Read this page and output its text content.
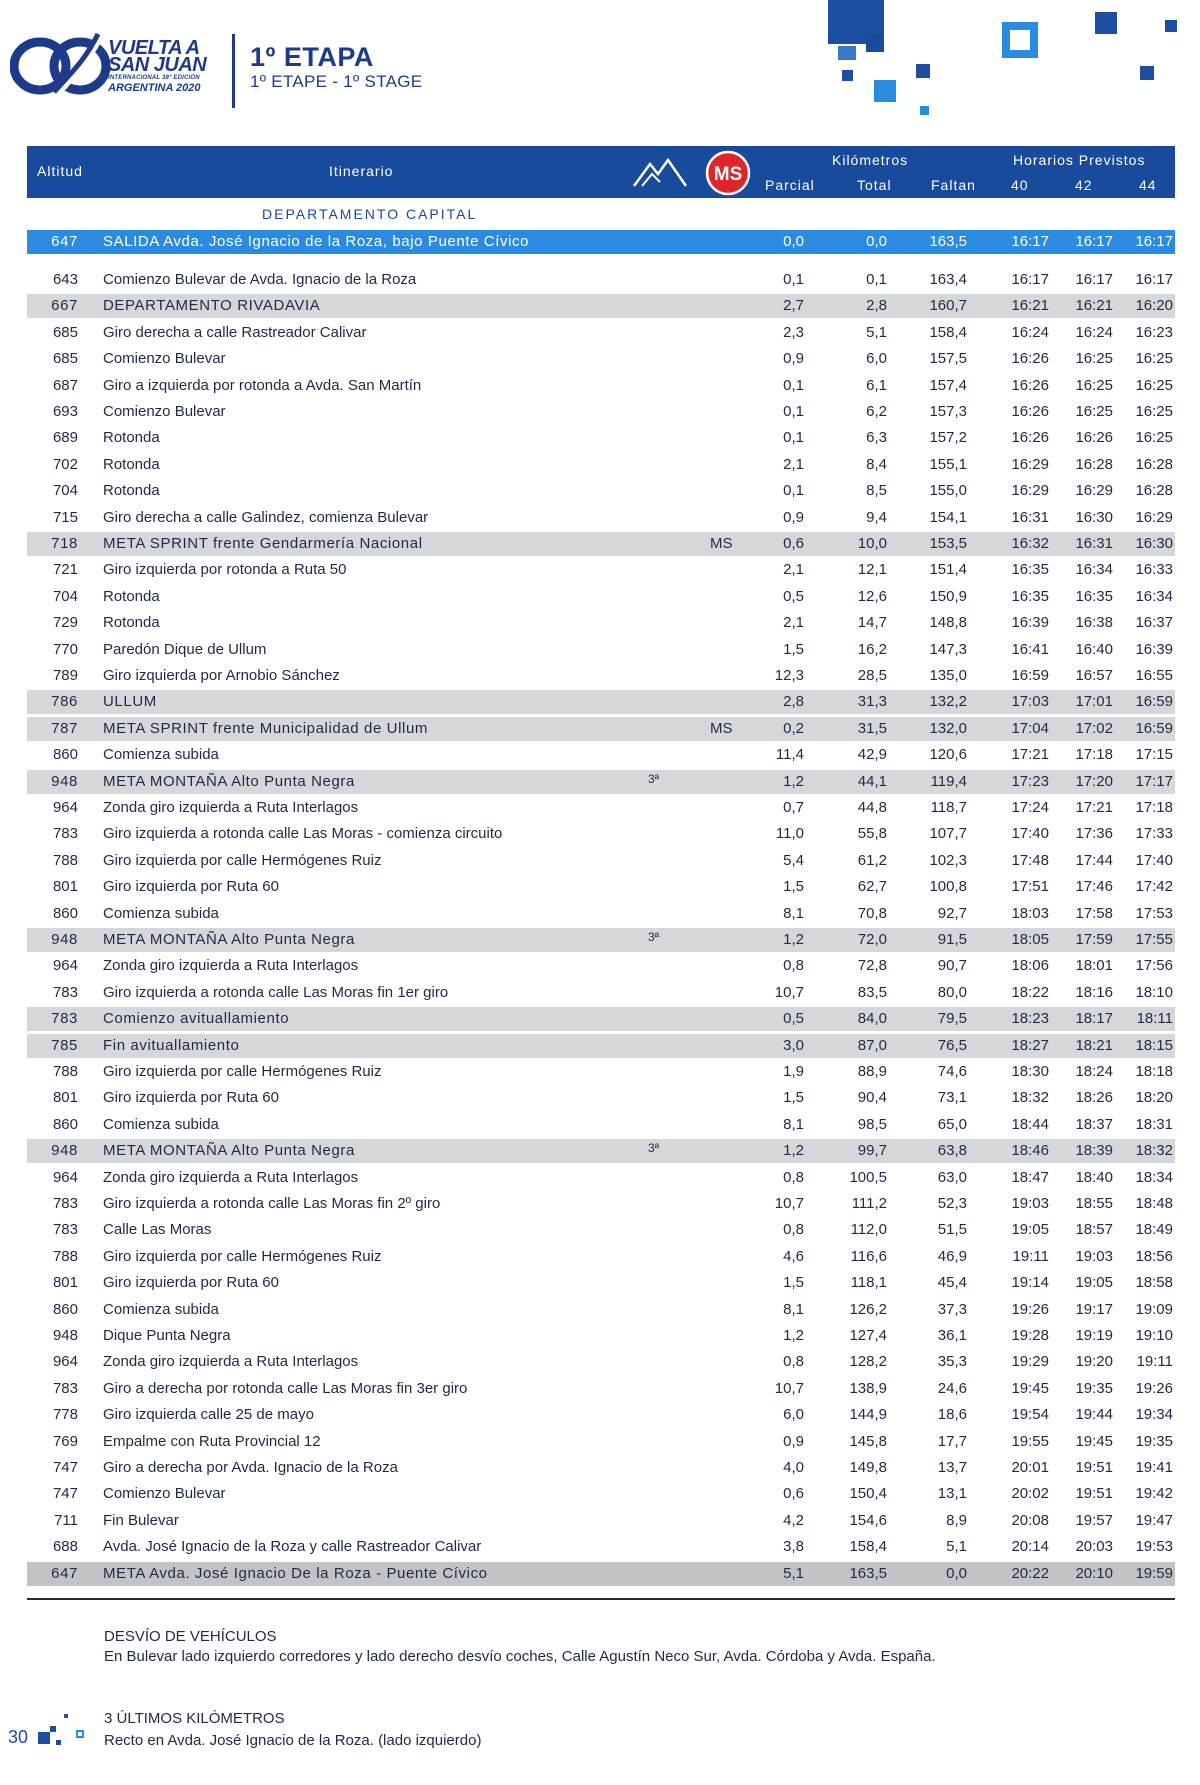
VUELTA A
SAN JUAN
INTERNACIONAL 38ª EDICIÓN
ARGENTINA 2020
1º ETAPA
1º ETAPE - 1º STAGE
Altitud	Itinerario	MS
Kilómetros
Parcial	Total	Faltan
Horarios Previstos
40	42	44
DEPARTAMENTO CAPITAL
647 SALIDA Avda. José Ignacio de la Roza, bajo Puente Cívico	0,0	0,0	163,5	16:17	16:17	16:17
643 Comienzo Bulevar de Avda. Ignacio de la Roza	0,1	0,1	163,4	16:17	16:17	16:17
667 DEPARTAMENTO RIVADAVIA	2,7	2,8	160,7	16:21	16:21	16:20
685 Giro derecha a calle Rastreador Calivar	2,3	5,1	158,4	16:24	16:24	16:23
685 Comienzo Bulevar	0,9	6,0	157,5	16:26	16:25	16:25
687 Giro a izquierda por rotonda a Avda. San Martín	0,1	6,1	157,4	16:26	16:25	16:25
693 Comienzo Bulevar	0,1	6,2	157,3	16:26	16:25	16:25
689 Rotonda	0,1	6,3	157,2	16:26	16:26	16:25
702 Rotonda	2,1	8,4	155,1	16:29	16:28	16:28
704 Rotonda	0,1	8,5	155,0	16:29	16:29	16:28
715 Giro derecha a calle Galindez, comienza Bulevar	0,9	9,4	154,1	16:31	16:30	16:29
718 META SPRINT frente Gendarmería Nacional	MS	0,6	10,0	153,5	16:32	16:31	16:30
721 Giro izquierda por rotonda a Ruta 50	2,1	12,1	151,4	16:35	16:34	16:33
704 Rotonda	0,5	12,6	150,9	16:35	16:35	16:34
729 Rotonda	2,1	14,7	148,8	16:39	16:38	16:37
770 Paredón Dique de Ullum	1,5	16,2	147,3	16:41	16:40	16:39
789 Giro izquierda por Arnobio Sánchez	12,3	28,5	135,0	16:59	16:57	16:55
786 ULLUM	2,8	31,3	132,2	17:03	17:01	16:59
787 META SPRINT frente Municipalidad de Ullum	MS	0,2	31,5	132,0	17:04	17:02	16:59
860 Comienza subida	11,4	42,9	120,6	17:21	17:18	17:15
948 META MONTAÑA Alto Punta Negra	3ª	1,2	44,1	119,4	17:23	17:20	17:17
964 Zonda giro izquierda a Ruta Interlagos	0,7	44,8	118,7	17:24	17:21	17:18
783 Giro izquierda a rotonda calle Las Moras - comienza circuito	11,0	55,8	107,7	17:40	17:36	17:33
788 Giro izquierda por calle Hermógenes Ruiz	5,4	61,2	102,3	17:48	17:44	17:40
801 Giro izquierda por Ruta 60	1,5	62,7	100,8	17:51	17:46	17:42
860 Comienza subida	8,1	70,8	92,7	18:03	17:58	17:53
948 META MONTAÑA Alto Punta Negra	3ª	1,2	72,0	91,5	18:05	17:59	17:55
964 Zonda giro izquierda a Ruta Interlagos	0,8	72,8	90,7	18:06	18:01	17:56
783 Giro izquierda a rotonda calle Las Moras fin 1er giro	10,7	83,5	80,0	18:22	18:16	18:10
783 Comienzo avituallamiento	0,5	84,0	79,5	18:23	18:17	18:11
785 Fin avituallamiento	3,0	87,0	76,5	18:27	18:21	18:15
788 Giro izquierda por calle Hermógenes Ruiz	1,9	88,9	74,6	18:30	18:24	18:18
801 Giro izquierda por Ruta 60	1,5	90,4	73,1	18:32	18:26	18:20
860 Comienza subida	8,1	98,5	65,0	18:44	18:37	18:31
948 META MONTAÑA Alto Punta Negra	3ª	1,2	99,7	63,8	18:46	18:39	18:32
964 Zonda giro izquierda a Ruta Interlagos	0,8	100,5	63,0	18:47	18:40	18:34
783 Giro izquierda a rotonda calle Las Moras fin 2º giro	10,7	111,2	52,3	19:03	18:55	18:48
783 Calle Las Moras	0,8	112,0	51,5	19:05	18:57	18:49
788 Giro izquierda por calle Hermógenes Ruiz	4,6	116,6	46,9	19:11	19:03	18:56
801 Giro izquierda por Ruta 60	1,5	118,1	45,4	19:14	19:05	18:58
860 Comienza subida	8,1	126,2	37,3	19:26	19:17	19:09
948 Dique Punta Negra	1,2	127,4	36,1	19:28	19:19	19:10
964 Zonda giro izquierda a Ruta Interlagos	0,8	128,2	35,3	19:29	19:20	19:11
783 Giro a derecha por rotonda calle Las Moras fin 3er giro	10,7	138,9	24,6	19:45	19:35	19:26
778 Giro izquierda calle 25 de mayo	6,0	144,9	18,6	19:54	19:44	19:34
769 Empalme con Ruta Provincial 12	0,9	145,8	17,7	19:55	19:45	19:35
747 Giro a derecha por Avda. Ignacio de la Roza	4,0	149,8	13,7	20:01	19:51	19:41
747 Comienzo Bulevar	0,6	150,4	13,1	20:02	19:51	19:42
711 Fin Bulevar	4,2	154,6	8,9	20:08	19:57	19:47
688 Avda. José Ignacio de la Roza y calle Rastreador Calivar	3,8	158,4	5,1	20:14	20:03	19:53
647 META Avda. José Ignacio De la Roza - Puente Cívico	5,1	163,5	0,0	20:22	20:10	19:59
DESVÍO DE VEHÍCULOS
En Bulevar lado izquierdo corredores y lado derecho desvío coches, Calle Agustín Neco Sur, Avda. Córdoba y Avda. España.
3 ÚLTIMOS KILÓMETROS
Recto en Avda. José Ignacio de la Roza. (lado izquierdo)
30
